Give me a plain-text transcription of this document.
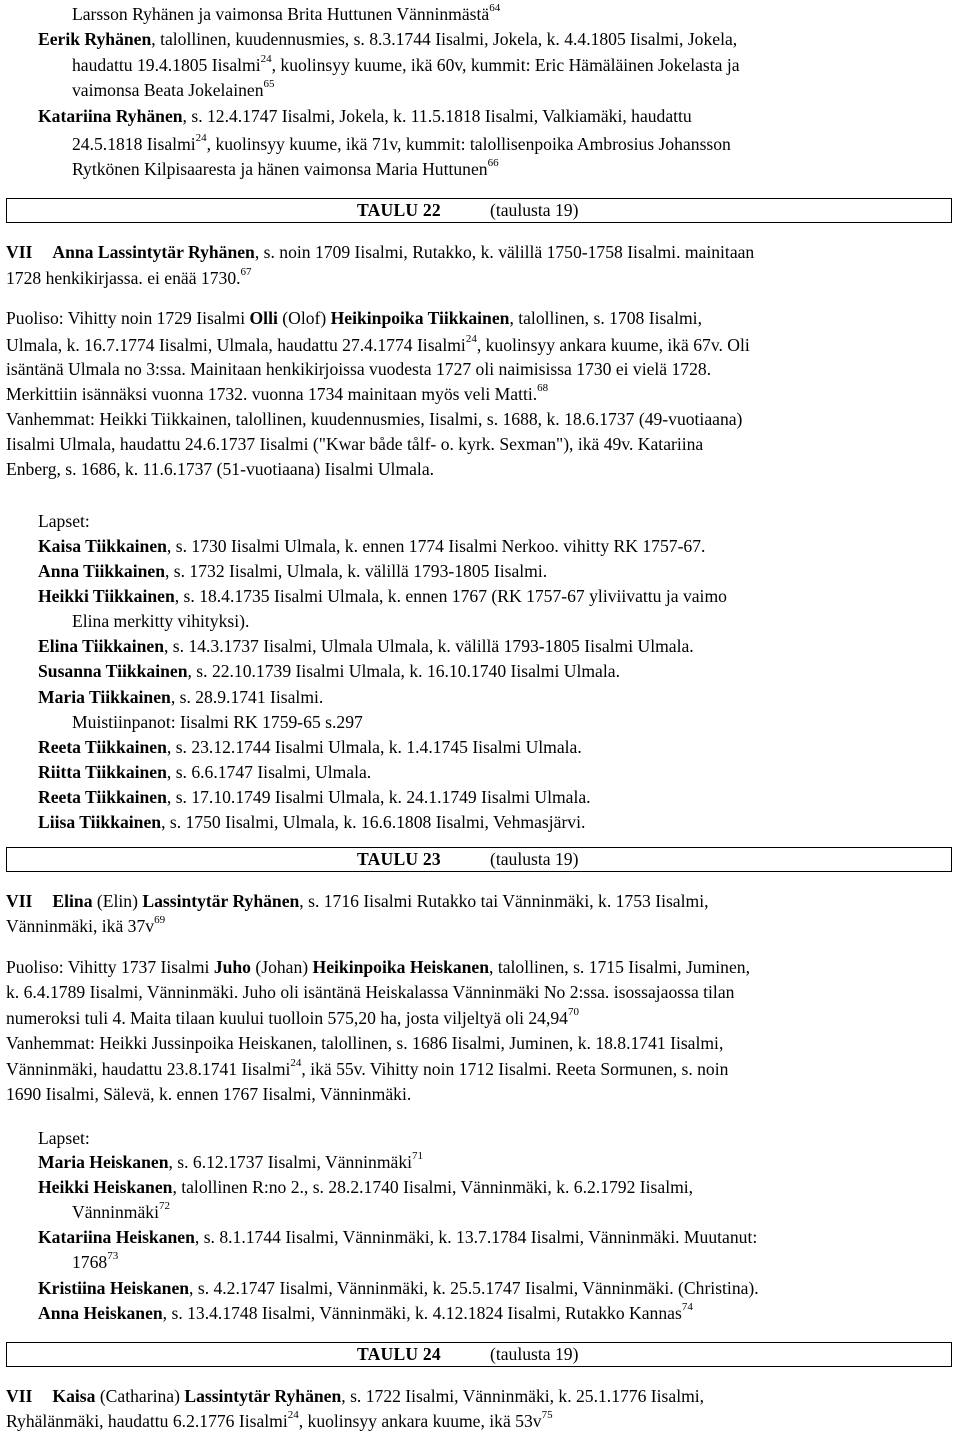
Larsson Ryhänen ja vaimonsa Brita Huttunen Vänninmästä$^{64}$
Eerik Ryhänen, talollinen, kuudennusmies, s. 8.3.1744 Iisalmi, Jokela, k. 4.4.1805 Iisalmi, Jokela,
haudattu 19.4.1805 Iisalmi$^{24}$, kuolinsyy kuume, ikä 60v, kummit: Eric Hämäläinen Jokelasta ja
vaimonsa Beata Jokelainen$^{65}$
Katariina Ryhänen, s. 12.4.1747 Iisalmi, Jokela, k. 11.5.1818 Iisalmi, Valkiamäki, haudattu
24.5.1818 Iisalmi$^{24}$, kuolinsyy kuume, ikä 71v, kummit: talollisenpoika Ambrosius Johansson
Rytkönen Kilpisaaresta ja hänen vaimonsa Maria Huttunen$^{66}$
TAULU 22	(taulusta 19)
VII Anna Lassintytär Ryhänen, s. noin 1709 Iisalmi, Rutakko, k. välillä 1750-1758 Iisalmi. mainitaan
1728 henkikirjassa. ei enää 1730.67
Puoliso: Vihitty noin 1729 Iisalmi Olli (Olof) Heikinpoika Tiikkainen, talollinen, s. 1708 Iisalmi,
Ulmala, k. 16.7.1774 Iisalmi, Ulmala, haudattu 27.4.1774 Iisalmi$^{24}$, kuolinsyy ankara kuume, ikä 67v. Oli
isäntänä Ulmala no 3:ssa. Mainitaan henkikirjoissa vuodesta 1727 oli naimisissa 1730 ei vielä 1728.
Merkittiin isännäksi vuonna 1732. vuonna 1734 mainitaan myös veli Matti.$^{68}$
Vanhemmat: Heikki Tiikkainen, talollinen, kuudennusmies, Iisalmi, s. 1688, k. 18.6.1737 (49-vuotiaana)
Iisalmi Ulmala, haudattu 24.6.1737 Iisalmi ("Kwar både tålf- o. kyrk. Sexman"), ikä 49v. Katariina
Enberg, s. 1686, k. 11.6.1737 (51-vuotiaana) Iisalmi Ulmala.
Lapset:
Kaisa Tiikkainen, s. 1730 Iisalmi Ulmala, k. ennen 1774 Iisalmi Nerkoo. vihitty RK 1757-67.
Anna Tiikkainen, s. 1732 Iisalmi, Ulmala, k. välillä 1793-1805 Iisalmi.
Heikki Tiikkainen, s. 18.4.1735 Iisalmi Ulmala, k. ennen 1767 (RK 1757-67 yliviivattu ja vaimo
Elina merkitty vihityksi).
Elina Tiikkainen, s. 14.3.1737 Iisalmi, Ulmala Ulmala, k. välillä 1793-1805 Iisalmi Ulmala.
Susanna Tiikkainen, s. 22.10.1739 Iisalmi Ulmala, k. 16.10.1740 Iisalmi Ulmala.
Maria Tiikkainen, s. 28.9.1741 Iisalmi.
Muistiinpanot: Iisalmi RK 1759-65 s.297
Reeta Tiikkainen, s. 23.12.1744 Iisalmi Ulmala, k. 1.4.1745 Iisalmi Ulmala.
Riitta Tiikkainen, s. 6.6.1747 Iisalmi, Ulmala.
Reeta Tiikkainen, s. 17.10.1749 Iisalmi Ulmala, k. 24.1.1749 Iisalmi Ulmala.
Liisa Tiikkainen, s. 1750 Iisalmi, Ulmala, k. 16.6.1808 Iisalmi, Vehmasjärvi.
TAULU 23	(taulusta 19)
VII Elina (Elin) Lassintytär Ryhänen, s. 1716 Iisalmi Rutakko tai Vänninmäki, k. 1753 Iisalmi,
Vänninmäki, ikä $37v^{69}$
Puoliso: Vihitty 1737 Iisalmi Juho (Johan) Heikinpoika Heiskanen, talollinen, s. 1715 Iisalmi, Juminen,
k. 6.4.1789 Iisalmi, Vänninmäki. Juho oli isäntänä Heiskalassa Vänninmäki No 2:ssa. isossajaossa tilan
numeroksi tuli 4. Maita tilaan kuului tuolloin 575,20 ha, josta viljeltyä oli 24,94$^{70}$
Vanhemmat: Heikki Jussinpoika Heiskanen, talollinen, s. 1686 Iisalmi, Juminen, k. 18.8.1741 Iisalmi,
Vänninmäki, haudattu 23.8.1741 Iisalmi$^{24}$, ikä 55v. Vihitty noin 1712 Iisalmi. Reeta Sormunen, s. noin
1690 Iisalmi, Sälevä, k. ennen 1767 Iisalmi, Vänninmäki.
Lapset:
Maria Heiskanen, s. 6.12.1737 Iisalmi, Vänninmäki$^{71}$
Heikki Heiskanen, talollinen R:no 2., s. 28.2.1740 Iisalmi, Vänninmäki, k. 6.2.1792 Iisalmi,
Vänninmäki$^{72}$
Katariina Heiskanen, s. 8.1.1744 Iisalmi, Vänninmäki, k. 13.7.1784 Iisalmi, Vänninmäki. Muutanut:
1768$^{73}$
Kristiina Heiskanen, s. 4.2.1747 Iisalmi, Vänninmäki, k. 25.5.1747 Iisalmi, Vänninmäki. (Christina).
Anna Heiskanen, s. 13.4.1748 Iisalmi, Vänninmäki, k. 4.12.1824 Iisalmi, Rutakko Kannas$^{74}$
TAULU 24	(taulusta 19)
VII Kaisa (Catharina) Lassintytär Ryhänen, s. 1722 Iisalmi, Vänninmäki, k. 25.1.1776 Iisalmi,
Ryhälänmäki, haudattu 6.2.1776 Iisalmi$^{24}$, kuolinsyy ankara kuume, ikä $53v^{75}$
